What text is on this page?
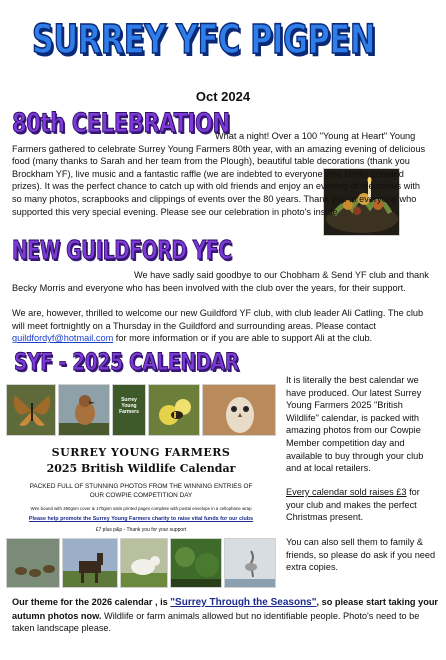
SURREY YFC PIGPEN
Oct 2024
80th CELEBRATION
What a night! Over a 100 "Young at Heart" Young Farmers gathered to celebrate Surrey Young Farmers 80th year, with an amazing evening of delicious food (many thanks to Sarah and her team from the Plough), beautiful table decorations (thank you Brockham YF), live music and a fantastic raffle (we are indebted to everyone who kindly donated prizes). It was the perfect chance to catch up with old friends and enjoy an evening of memories with so many photos, scrapbooks and clippings of events over the 80 years. Thank you to everyone who supported this very special evening. Please see our celebration in photo's inside.
NEW GUILDFORD YFC
We have sadly said goodbye to our Chobham & Send YF club and thank Becky Morris and everyone who has been involved with the club over the years, for their support.
We are, however, thrilled to welcome our new Guildford YF club, with club leader Ali Catling. The club will meet fortnightly on a Thursday in the Guildford and surrounding areas. Please contact guildfordyf@hotmail.com for more information or if you are able to support Ali at the club.
SYF - 2025 CALENDAR
Surrey Young Farmers
SURREY YOUNG FARMERS
2025 British Wildlife Calendar
PACKED FULL OF STUNNING PHOTOS FROM THE WINNING ENTRIES OF OUR COWPIE COMPETITION DAY
Wire bound with 350gsm cover & 170gsm satin printed pages complete with postal envelope in a cellophane wrap
Please help promote the Surrey Young Farmers charity to raise vital funds for our clubs
£7 plus p&p - Thank you for your support
It is literally the best calendar we have produced. Our latest Surrey Young Farmers 2025 "British Wildlife" calendar, is packed with amazing photos from our Cowpie Member competition day and available to buy through your club and at local retailers.
Every calendar sold raises £3 for your club and makes the perfect Christmas present.
You can also sell them to family & friends, so please do ask if you need extra copies.
Our theme for the 2026 calendar , is "Surrey Through the Seasons", so please start taking your autumn photos now. Wildlife or farm animals allowed but no identifiable people. Photo's need to be taken landscape please.
